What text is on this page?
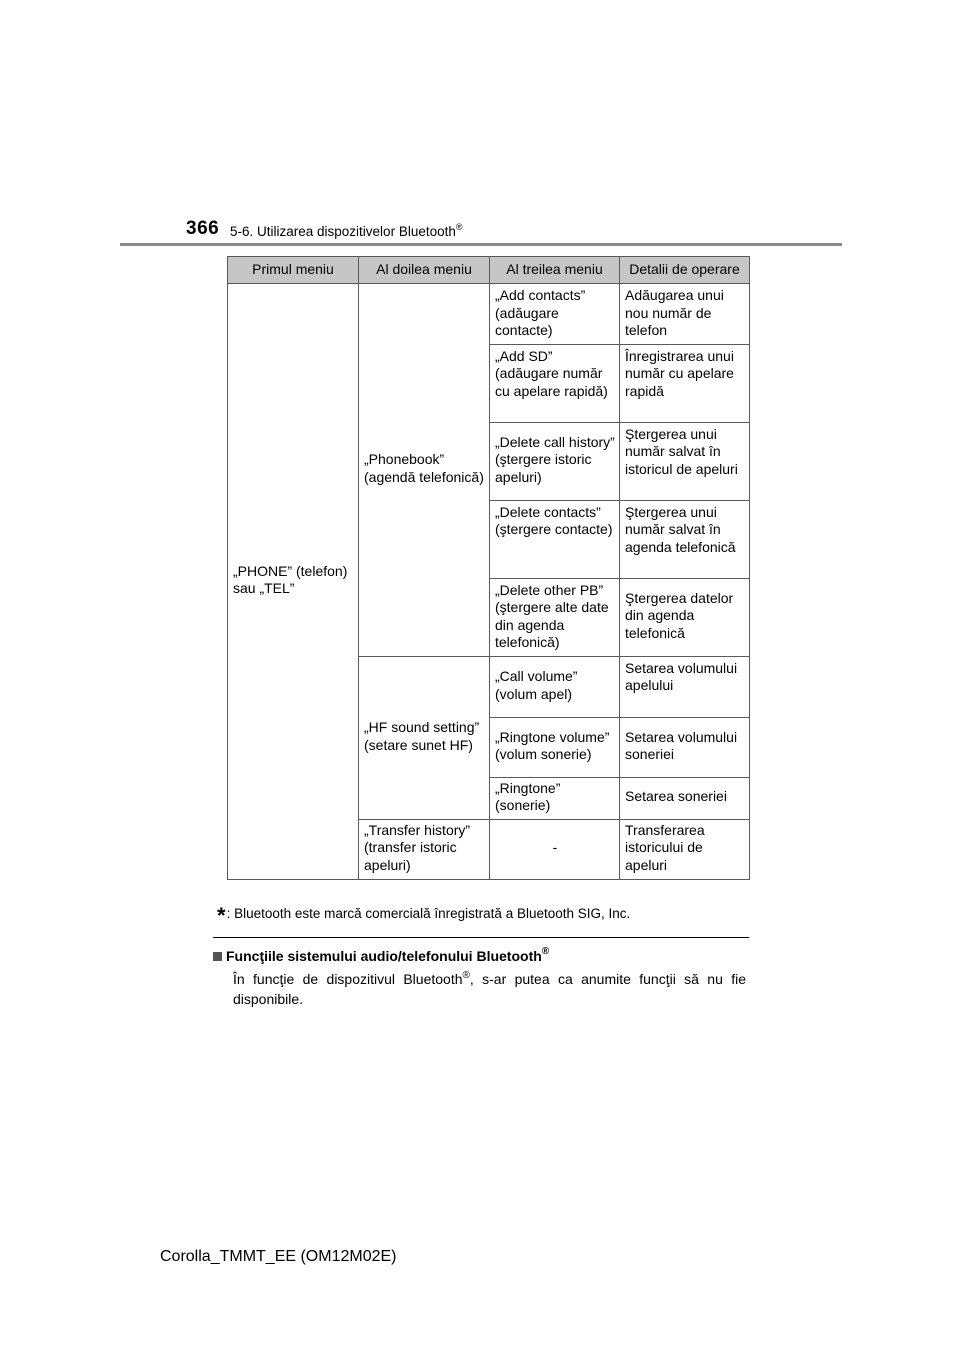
366 5-6. Utilizarea dispozitivelor Bluetooth®
Primul meniu	Al doilea meniu	Al treilea meniu	Detalii de operare
„PHONE” (telefon) sau „TEL”	„Phonebook” (agendă telefonică)	„Add contacts” (adăugare contacte)	Adăugarea unui nou număr de telefon
		„Add SD” (adăugare număr cu apelare rapidă)	Înregistrarea unui număr cu apelare rapidă
		„Delete call history” (ştergere istoric apeluri)	Ştergerea unui număr salvat în istoricul de apeluri
		„Delete contacts” (ştergere contacte)	Ştergerea unui număr salvat în agenda telefonică
		„Delete other PB” (ştergere alte date din agenda telefonică)	Ştergerea datelor din agenda telefonică
	„HF sound setting” (setare sunet HF)	„Call volume” (volum apel)	Setarea volumului apelului
		„Ringtone volume” (volum sonerie)	Setarea volumului soneriei
		„Ringtone” (sonerie)	Setarea soneriei
	„Transfer history” (transfer istoric apeluri)	-	Transferarea istoricului de apeluri
*: Bluetooth este marcă comercială înregistrată a Bluetooth SIG, Inc.
Funcţiile sistemului audio/telefonului Bluetooth®
În funcţie de dispozitivul Bluetooth®, s-ar putea ca anumite funcţii să nu fie disponibile.
Corolla_TMMT_EE (OM12M02E)
